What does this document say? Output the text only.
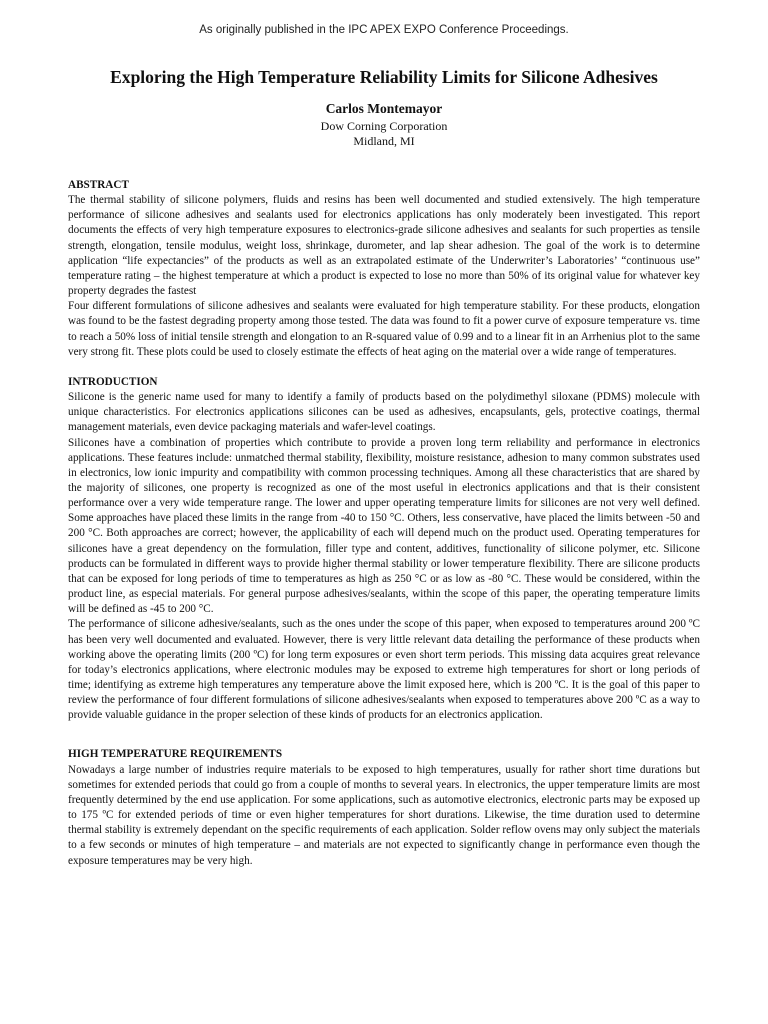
As originally published in the IPC APEX EXPO Conference Proceedings.
Exploring the High Temperature Reliability Limits for Silicone Adhesives
Carlos Montemayor
Dow Corning Corporation
Midland, MI
ABSTRACT

The thermal stability of silicone polymers, fluids and resins has been well documented and studied extensively. The high temperature performance of silicone adhesives and sealants used for electronics applications has only moderately been investigated. This report documents the effects of very high temperature exposures to electronics-grade silicone adhesives and sealants for such properties as tensile strength, elongation, tensile modulus, weight loss, shrinkage, durometer, and lap shear adhesion. The goal of the work is to determine application “life expectancies” of the products as well as an extrapolated estimate of the Underwriter’s Laboratories’ “continuous use” temperature rating – the highest temperature at which a product is expected to lose no more than 50% of its original value for whatever key property degrades the fastest

Four different formulations of silicone adhesives and sealants were evaluated for high temperature stability. For these products, elongation was found to be the fastest degrading property among those tested. The data was found to fit a power curve of exposure temperature vs. time to reach a 50% loss of initial tensile strength and elongation to an R-squared value of 0.99 and to a linear fit in an Arrhenius plot to the same very strong fit. These plots could be used to closely estimate the effects of heat aging on the material over a wide range of temperatures.

INTRODUCTION

Silicone is the generic name used for many to identify a family of products based on the polydimethyl siloxane (PDMS) molecule with unique characteristics. For electronics applications silicones can be used as adhesives, encapsulants, gels, protective coatings, thermal management materials, even device packaging materials and wafer-level coatings.

Silicones have a combination of properties which contribute to provide a proven long term reliability and performance in electronics applications. These features include: unmatched thermal stability, flexibility, moisture resistance, adhesion to many common substrates used in electronics, low ionic impurity and compatibility with common processing techniques. Among all these characteristics that are shared by the majority of silicones, one property is recognized as one of the most useful in electronics applications and that is their consistent performance over a very wide temperature range. The lower and upper operating temperature limits for silicones are not very well defined. Some approaches have placed these limits in the range from -40 to 150 °C. Others, less conservative, have placed the limits between -50 and 200 °C. Both approaches are correct; however, the applicability of each will depend much on the product used. Operating temperatures for silicones have a great dependency on the formulation, filler type and content, additives, functionality of silicone polymer, etc. Silicone products can be formulated in different ways to provide higher thermal stability or lower temperature flexibility. There are silicone products that can be exposed for long periods of time to temperatures as high as 250 °C or as low as -80 °C. These would be considered, within the product line, as especial materials. For general purpose adhesives/sealants, within the scope of this paper, the operating temperature limits will be defined as -45 to 200 °C.

The performance of silicone adhesive/sealants, such as the ones under the scope of this paper, when exposed to temperatures around 200 ºC has been very well documented and evaluated. However, there is very little relevant data detailing the performance of these products when working above the operating limits (200 ºC) for long term exposures or even short term periods. This missing data acquires great relevance for today’s electronics applications, where electronic modules may be exposed to extreme high temperatures for short or long periods of time; identifying as extreme high temperatures any temperature above the limit exposed here, which is 200 ºC. It is the goal of this paper to review the performance of four different formulations of silicone adhesives/sealants when exposed to temperatures above 200 ºC as a way to provide valuable guidance in the proper selection of these kinds of products for an electronics application.

HIGH TEMPERATURE REQUIREMENTS

Nowadays a large number of industries require materials to be exposed to high temperatures, usually for rather short time durations but sometimes for extended periods that could go from a couple of months to several years. In electronics, the upper temperature limits are most frequently determined by the end use application. For some applications, such as automotive electronics, electronic parts may be exposed up to 175 ºC for extended periods of time or even higher temperatures for short durations. Likewise, the time duration used to determine thermal stability is extremely dependant on the specific requirements of each application. Solder reflow ovens may only subject the materials to a few seconds or minutes of high temperature – and materials are not expected to significantly change in performance even though the exposure temperatures may be very high.
